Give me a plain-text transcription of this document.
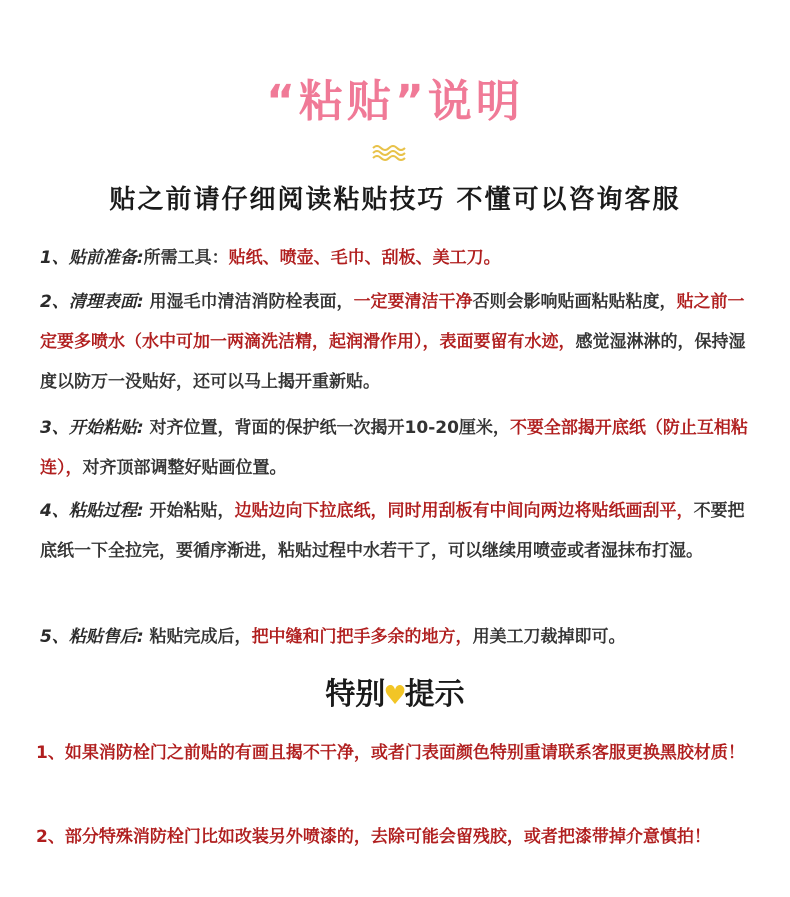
“粘贴”说明
贴之前请仔细阅读粘贴技巧 不懂可以咨询客服
1、贴前准备:所需工具：贴纸、喷壶、毛巾、刮板、美工刀。
2、清理表面: 用湿毛巾清洁消防栓表面，一定要清洁干净否则会影响贴画粘贴粘度，贴之前一定要多喷水（水中可加一两滴洗洁精，起润滑作用），表面要留有水迹，感觉湿淋淋的，保持湿度以防万一没贴好，还可以马上揭开重新贴。
3、开始粘贴: 对齐位置，背面的保护纸一次揭开10-20厘米，不要全部揭开底纸（防止互相粘连），对齐顶部调整好贴画位置。
4、粘贴过程: 开始粘贴，边贴边向下拉底纸，同时用刮板有中间向两边将贴纸画刮平，不要把底纸一下全拉完，要循序渐进，粘贴过程中水若干了，可以继续用喷壶或者湿抹布打湿。
5、粘贴售后: 粘贴完成后，把中缝和门把手多余的地方，用美工刀裁掉即可。
特别♥提示
1、如果消防栓门之前贴的有画且揭不干净，或者门表面颜色特别重请联系客服更换黑胶材质！
2、部分特殊消防栓门比如改装另外喷漆的，去除可能会留残胶，或者把漆带掉介意慎拍！
